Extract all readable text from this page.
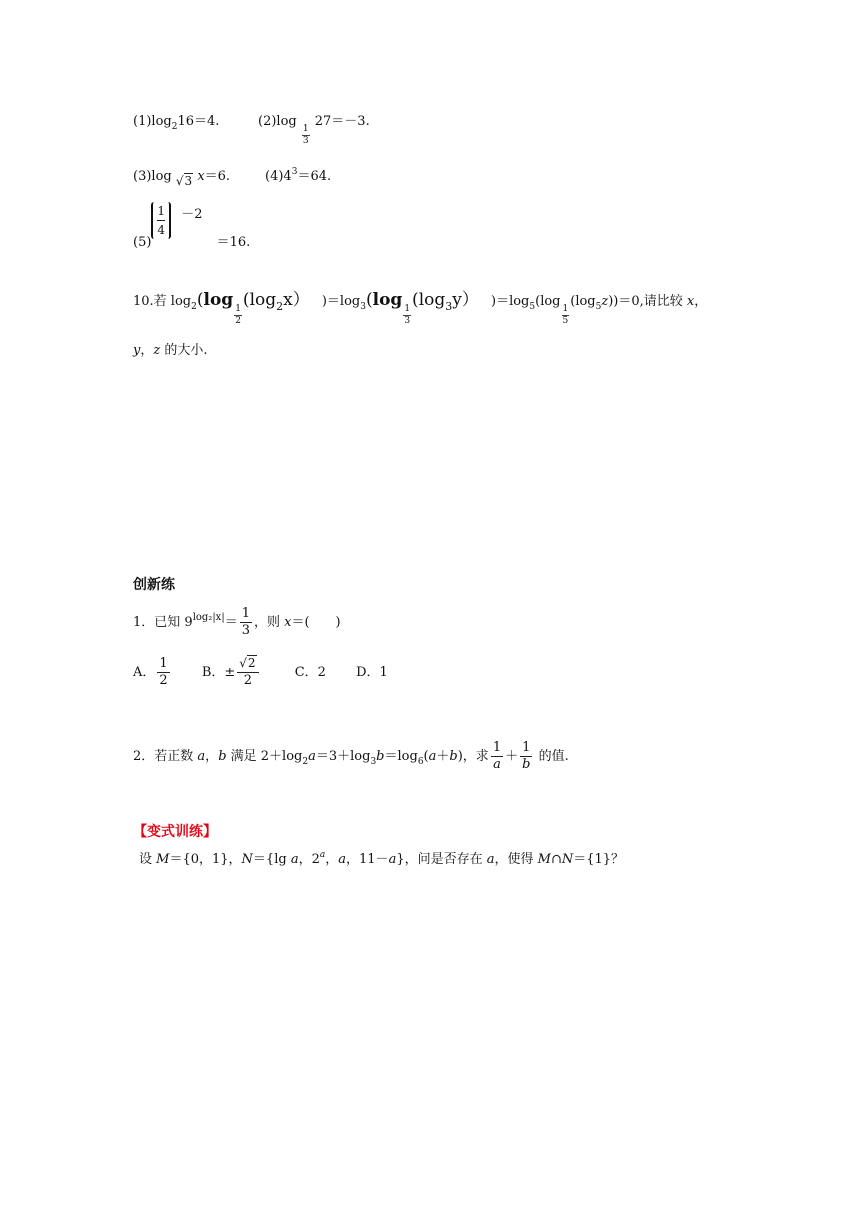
$(1)\log_216=4$.	(2)log
$\frac{1}{3}$
27＝－3.
(3)log √3 x＝6.	$(4)4^3=64$.
(5)
$\frac{1}{4} -2 =16$.
10.若 $\log_2(\log$
$\frac{1}{2}$
$(\log_2x)$ )$=\log_3(\log$
$\frac{1}{3}$
$(\log_3y)$ )$=\log_5(\log$
$\frac{1}{5}$
$(\log_5z))=0$,请比较 x，
y，z 的大小.
创新练
1．已知 $9^{log_2|x|}= \frac{1}{3}$ ，则 x＝(　　)
A． $\frac{1}{2}$ B．± $\frac{√2}{2}$	C．2 D．1
2．若正数 a，b 满足 $2+\log_2a=3+\log_3b=\log_6(a+b)$，求 $\frac{1}{a} + \frac{1}{b}$ 的值.
【变式训练】
设 M＝{0，1}，N＝{lg a，2$^a$，a，11－a}，问是否存在 a，使得 M∩N＝{1}？
